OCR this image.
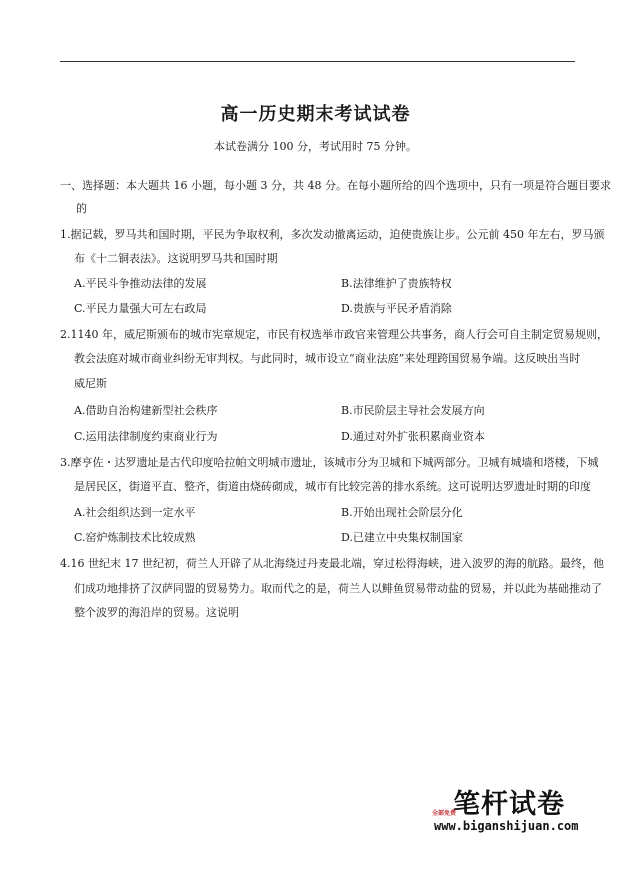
高一历史期末考试试卷
本试卷满分 100 分，考试用时 75 分钟。
一、选择题：本大题共 16 小题，每小题 3 分，共 48 分。在每小题所给的四个选项中，只有一项是符合题目要求
的
1.据记载，罗马共和国时期，平民为争取权利，多次发动撤离运动，迫使贵族让步。公元前 450 年左右，罗马颁
布《十二铜表法》。这说明罗马共和国时期
A.平民斗争推动法律的发展	B.法律维护了贵族特权
C.平民力量强大可左右政局	D.贵族与平民矛盾消除
2.1140 年，威尼斯颁布的城市宪章规定，市民有权选举市政官来管理公共事务，商人行会可自主制定贸易规则，
教会法庭对城市商业纠纷无审判权。与此同时，城市设立“商业法庭”来处理跨国贸易争端。这反映出当时
威尼斯
A.借助自治构建新型社会秩序	B.市民阶层主导社会发展方向
C.运用法律制度约束商业行为	D.通过对外扩张积累商业资本
3.摩亨佐・达罗遗址是古代印度哈拉帕文明城市遗址，该城市分为卫城和下城两部分。卫城有城墙和塔楼，下城
是居民区，街道平直、整齐，街道由烧砖砌成，城市有比较完善的排水系统。这可说明达罗遗址时期的印度
A.社会组织达到一定水平	B.开始出现社会阶层分化
C.窑炉炼制技术比较成熟	D.已建立中央集权制国家
4.16 世纪末 17 世纪初，荷兰人开辟了从北海绕过丹麦最北端，穿过松得海峡，进入波罗的海的航路。最终，他
们成功地排挤了汉萨同盟的贸易势力。取而代之的是，荷兰人以鲱鱼贸易带动盐的贸易，并以此为基础推动了
整个波罗的海沿岸的贸易。这说明
笔杆试卷
全部免费
www.biganshijuan.com
